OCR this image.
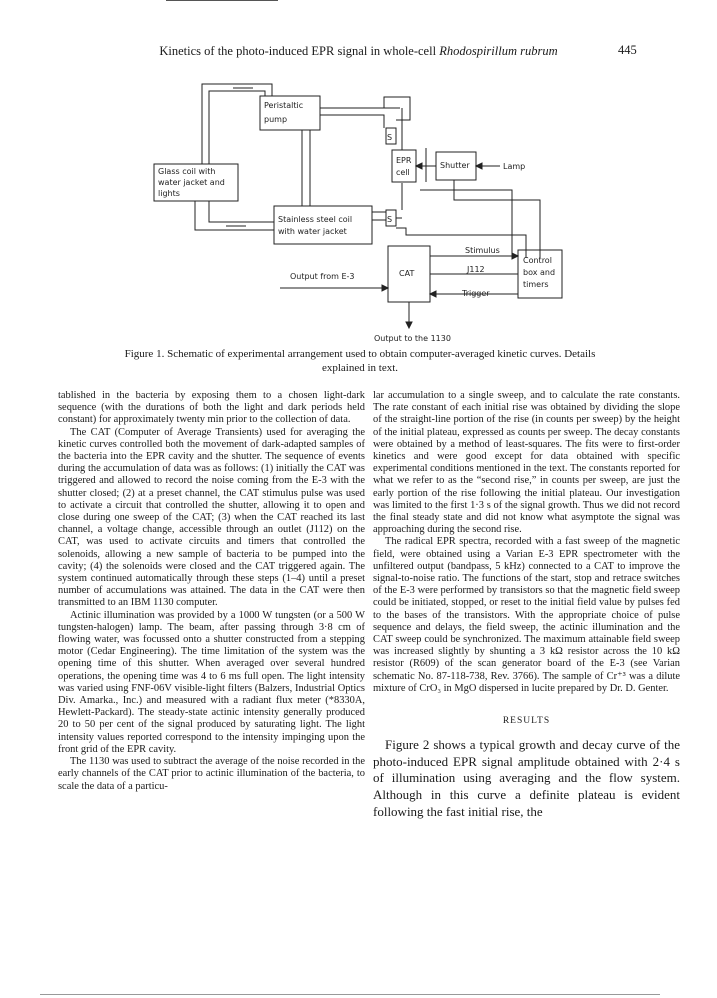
Kinetics of the photo-induced EPR signal in whole-cell Rhodospirillum rubrum	445
Peristaltic
pump
Glass coil with
water jacket and
lights
Stainless steel coil
with water jacket
S
S
EPR
cell
Shutter	Lamp
CAT
Output from E-3
Stimulus
J112
Trigger
Control
box and
timers
Output to the 1130
Figure 1. Schematic of experimental arrangement used to obtain computer-averaged kinetic curves. Details explained in text.

tablished in the bacteria by exposing them to a chosen light-dark sequence (with the durations of both the light and dark periods held constant) for approximately twenty min prior to the collection of data.

The CAT (Computer of Average Transients) used for averaging the kinetic curves controlled both the movement of dark-adapted samples of the bacteria into the EPR cavity and the shutter. The sequence of events during the accumulation of data was as follows: (1) initially the CAT was triggered and allowed to record the noise coming from the E-3 with the shutter closed; (2) at a preset channel, the CAT stimulus pulse was used to activate a circuit that controlled the shutter, allowing it to open and close during one sweep of the CAT; (3) when the CAT reached its last channel, a voltage change, accessible through an outlet (J112) on the CAT, was used to activate circuits and timers that controlled the solenoids, allowing a new sample of bacteria to be pumped into the cavity; (4) the solenoids were closed and the CAT triggered again. The system continued automatically through these steps (1–4) until a preset number of accumulations was attained. The data in the CAT were then transmitted to an IBM 1130 computer.

Actinic illumination was provided by a 1000 W tungsten (or a 500 W tungsten-halogen) lamp. The beam, after passing through 3·8 cm of flowing water, was focussed onto a shutter constructed from a stepping motor (Cedar Engineering). The time limitation of the system was the opening time of this shutter. When averaged over several hundred operations, the opening time was 4 to 6 ms full open. The light intensity was varied using FNF-06V visible-light filters (Balzers, Industrial Optics Div. Amarka., Inc.) and measured with a radiant flux meter (*8330A, Hewlett-Packard). The steady-state actinic intensity generally produced 20 to 50 per cent of the signal produced by saturating light. The light intensity values reported correspond to the intensity impinging upon the front grid of the EPR cavity.

The 1130 was used to subtract the average of the noise recorded in the early channels of the CAT prior to actinic illumination of the bacteria, to scale the data of a particu-

lar accumulation to a single sweep, and to calculate the rate constants. The rate constant of each initial rise was obtained by dividing the slope of the straight-line portion of the rise (in counts per sweep) by the height of the initial plateau, expressed as counts per sweep. The decay constants were obtained by a method of least-squares. The fits were to first-order kinetics and were good except for data obtained with specific experimental conditions mentioned in the text. The constants reported for what we refer to as the “second rise,” in counts per sweep, are just the early portion of the rise following the initial plateau. Our investigation was limited to the first 1·3 s of the signal growth. Thus we did not record the final steady state and did not know what asymptote the signal was approaching during the second rise.

The radical EPR spectra, recorded with a fast sweep of the magnetic field, were obtained using a Varian E-3 EPR spectrometer with the unfiltered output (bandpass, 5 kHz) connected to a CAT to improve the signal-to-noise ratio. The functions of the start, stop and retrace switches of the E-3 were performed by transistors so that the magnetic field sweep could be initiated, stopped, or reset to the initial field value by pulses fed to the bases of the transistors. With the appropriate choice of pulse sequence and delays, the field sweep, the actinic illumination and the CAT sweep could be synchronized. The maximum attainable field sweep was increased slightly by shunting a 3 kΩ resistor across the 10 kΩ resistor (R609) of the scan generator board of the E-3 (see Varian schematic No. 87-118-738, Rev. 3766). The sample of Cr⁺³ was a dilute mixture of CrO₃ in MgO dispersed in lucite prepared by Dr. D. Genter.

RESULTS

Figure 2 shows a typical growth and decay curve of the photo-induced EPR signal amplitude obtained with 2·4 s of illumination using averaging and the flow system. Although in this curve a definite plateau is evident following the fast initial rise, the
